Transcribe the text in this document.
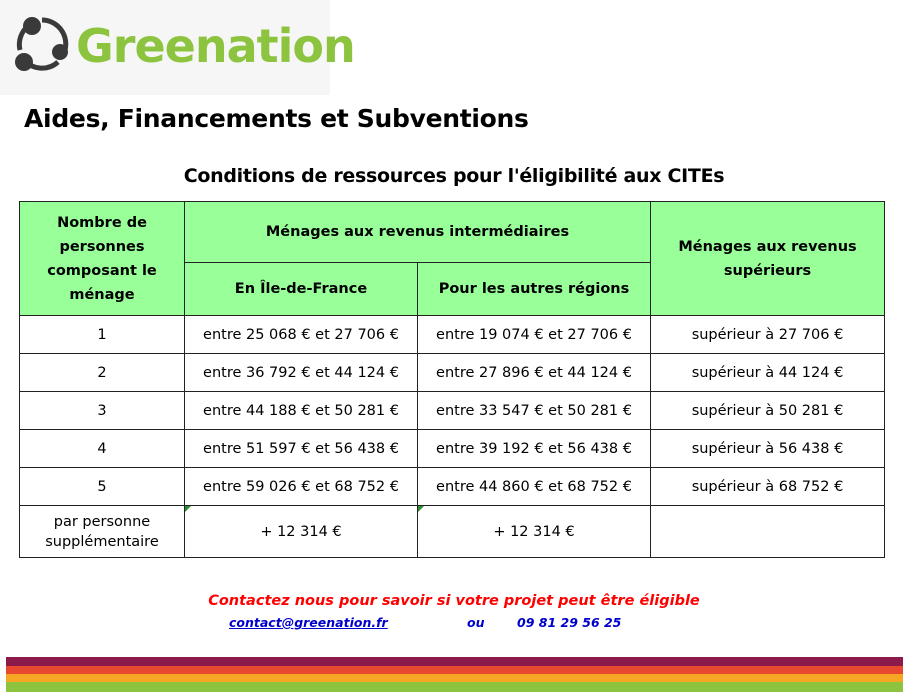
Greenation
Aides, Financements et Subventions
Conditions de ressources pour l'éligibilité aux CITEs
Nombre de personnes composant le ménage	Ménages aux revenus intermédiaires		Ménages aux revenus supérieurs
	En Île-de-France	Pour les autres régions	
1	entre 25 068 € et 27 706 €	entre 19 074 € et 27 706 €	supérieur à 27 706 €
2	entre 36 792 € et 44 124 €	entre 27 896 € et 44 124 €	supérieur à 44 124 €
3	entre 44 188 € et 50 281 €	entre 33 547 € et 50 281 €	supérieur à 50 281 €
4	entre 51 597 € et 56 438 €	entre 39 192 € et 56 438 €	supérieur à 56 438 €
5	entre 59 026 € et 68 752 €	entre 44 860 € et 68 752 €	supérieur à 68 752 €
par personne supplémentaire	+ 12 314 €	+ 12 314 €	
Contactez nous pour savoir si votre projet peut être éligible
contact@greenation.fr	ou	09 81 29 56 25
